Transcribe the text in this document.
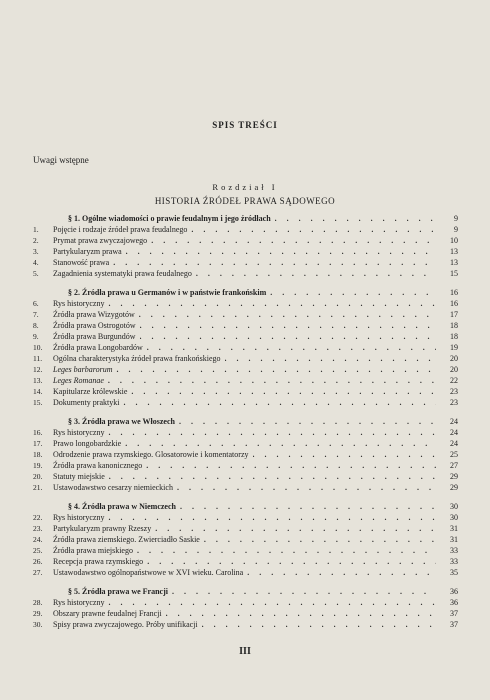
SPIS TREŚCI
Uwagi wstępne
Rozdział I
HISTORIA ŹRÓDEŁ PRAWA SĄDOWEGO
§ 1. Ogólne wiadomości o prawie feudalnym i jego źródłach . . .	9
1.	Pojęcie i rodzaje źródeł prawa feudalnego . . .	9
2.	Prymat prawa zwyczajowego . . .	10
3.	Partykularyzm prawa . . .	13
4.	Stanowość prawa . . .	13
5.	Zagadnienia systematyki prawa feudalnego . . .	15
§ 2. Źródła prawa u Germanów i w państwie frankońskim . . .	16
6.	Rys historyczny . . .	16
7.	Źródła prawa Wizygotów . . .	17
8.	Źródła prawa Ostrogotów . . .	18
9.	Źródła prawa Burgundów . . .	18
10.	Źródła prawa Longobardów . . .	19
11.	Ogólna charakterystyka źródeł prawa frankońskiego . . .	20
12.	Leges barbarorum . . .	20
13.	Leges Romanae . . .	22
14.	Kapitularze królewskie . . .	23
15.	Dokumenty praktyki . . .	23
§ 3. Źródła prawa we Włoszech . . .	24
16.	Rys historyczny . . .	24
17.	Prawo longobardzkie . . .	24
18.	Odrodzenie prawa rzymskiego. Glosatorowie i komentatorzy . . .	25
19.	Źródła prawa kanonicznego . . .	27
20.	Statuty miejskie . . .	29
21.	Ustawodawstwo cesarzy niemieckich . . .	29
§ 4. Źródła prawa w Niemczech . . .	30
22.	Rys historyczny . . .	30
23.	Partykularyzm prawny Rzeszy . . .	31
24.	Źródła prawa ziemskiego. Zwierciadło Saskie . . .	31
25.	Źródła prawa miejskiego . . .	33
26.	Recepcja prawa rzymskiego . . .	33
27.	Ustawodawstwo ogólnopaństwowe w XVI wieku. Carolina . . .	35
§ 5. Źródła prawa we Francji . . .	36
28.	Rys historyczny . . .	36
29.	Obszary prawne feudalnej Francji . . .	37
30.	Spisy prawa zwyczajowego. Próby unifikacji . . .	37
III
